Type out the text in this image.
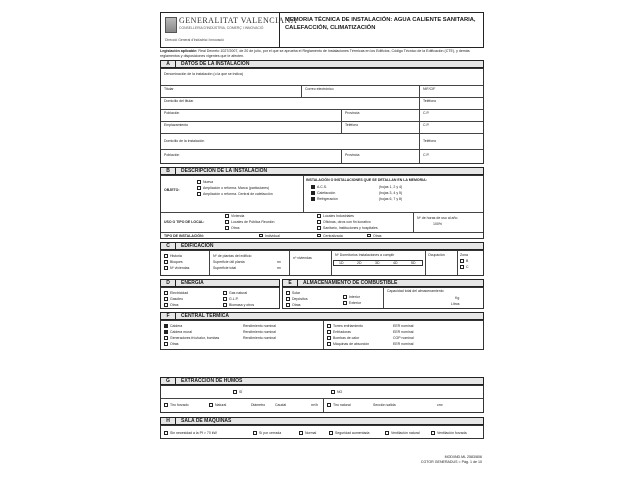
GENERALITAT VALENCIANA
CONSELLERIA D'INDÚSTRIA, COMERÇ I INNOVACIÓ
Direcció General d'Indústria i Innovació
MEMORIA TÉCNICA DE INSTALACIÓN: AGUA CALIENTE SANITARIA, CALEFACCIÓN, CLIMATIZACIÓN
Legislación aplicable: Real Decreto 1027/2007, de 20 de julio, por el que se aprueba el Reglamento de Instalaciones Térmicas en los Edificios, Código Técnico de la Edificación (CTE), y demás reglamentos y disposiciones vigentes que le afecten.
A	DATOS DE LA INSTALACIÓN
Denominación de la instalación (o la que se indica)
Titular	Correo electrónico	NIF/CIF
Domicilio del titular	Teléfono
Población	Provincia	C.P.
Emplazamiento	Teléfono	C.P.
Domicilio de la instalación	Teléfono
Población	Provincia	C.P.
B	DESCRIPCIÓN DE LA INSTALACIÓN
OBJETO:
Nueva
Ampliación o reforma. Marca (particulares)
Ampliación o reforma. Central de calefacción
INSTALACIÓN O INSTALACIONES QUE SE DETALLAN EN LA MEMORIA:
A.C.S.	(hojas 1, 2 y 4)
Calefacción	(hojas 3, 4 y 5)
Refrigeración	(hojas 6, 7 y 8)
USO O TIPO DE LOCAL:
Vivienda
Locales de Pública Reunión
Otros
Locales Industriales
Oficinas, otros con fin lucrativo
Sanitario, Instituciones y hospitales
Nº de horas de uso al año
100%
TIPO DE INSTALACIÓN:	Individual	Centralizada	Otras
C	EDIFICACIÓN
Historia
Bloques
Nº viviendas
Nº de plantas del edificio
Superficie útil planta	m²
Superficie total	m²
nº viviendas
Nº Dormitorios Instalaciones a cumplir
1D	2D	3D	4D	5D
Ocupación	Zona
B
C
D	ENERGÍA	E	ALMACENAMIENTO DE COMBUSTIBLE
Electricidad
Gasóleo
Otros
Gas natural
G.L.P.
Biomasa y otros
Solar
Depósitos
Otras
Interior
Exterior
Capacidad total del almacenamiento
Kg
Litros
F	CENTRAL TÉRMICA
Caldera
Caldera mural
Generadores frío/calor, bombas
Otras
Rendimiento nominal
Rendimiento nominal
Rendimiento nominal
Torres enfriamiento
Enfriadoras
Bombas de calor
Máquinas de absorción
EER nominal
EER nominal
COP nominal
EER nominal
G	EXTRACCIÓN DE HUMOS
SÍ	NO
Tiro forzado	Natural	Diámetro	Caudal	m³/h	Tiro natural	Sección salida	cm²
H	SALA DE MÁQUINAS
Sin necesidad a la Pf > 70 kW	Sí por cerrada	Normal	Seguridad aumentada	Ventilación natural	Ventilación forzada
MOD/IND.ML 2583/806
CGTOR GENERADUS = Pág. 1 de 10
